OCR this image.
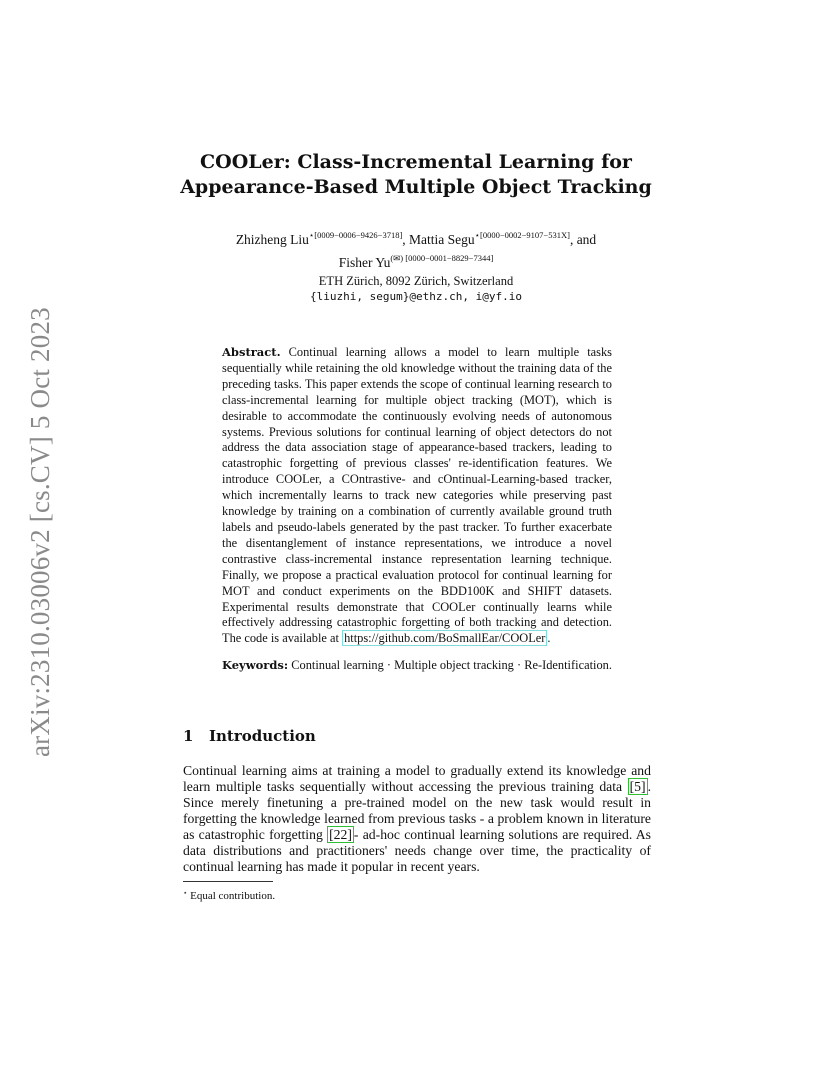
arXiv:2310.03006v2 [cs.CV] 5 Oct 2023
COOLer: Class-Incremental Learning for
Appearance-Based Multiple Object Tracking
Zhizheng Liu$^{⋆[0009-0006-9426-3718]}$, Mattia Segu$^{⋆[0000-0002-9107-531X]}$, and
Fisher $Yu^{(✉) [0000-0001-8829-7344]}$
ETH Zürich, 8092 Zürich, Switzerland
{liuzhi, segum}@ethz.ch, i@yf.io
Abstract. Continual learning allows a model to learn multiple tasks sequentially while retaining the old knowledge without the training data of the preceding tasks. This paper extends the scope of continual learning research to class-incremental learning for multiple object tracking (MOT), which is desirable to accommodate the continuously evolving needs of autonomous systems. Previous solutions for continual learning of object detectors do not address the data association stage of appearance-based trackers, leading to catastrophic forgetting of previous classes' re-identification features. We introduce COOLer, a COntrastive- and cOntinual-Learning-based tracker, which incrementally learns to track new categories while preserving past knowledge by training on a combination of currently available ground truth labels and pseudo-labels generated by the past tracker. To further exacerbate the disentanglement of instance representations, we introduce a novel contrastive class-incremental instance representation learning technique. Finally, we propose a practical evaluation protocol for continual learning for MOT and conduct experiments on the BDD100K and SHIFT datasets. Experimental results demonstrate that COOLer continually learns while effectively addressing catastrophic forgetting of both tracking and detection. The code is available at https://github.com/BoSmallEar/COOLer .
Keywords: Continual learning · Multiple object tracking · Re-Identification.
1 Introduction
Continual learning aims at training a model to gradually extend its knowledge and learn multiple tasks sequentially without accessing the previous training data [5] . Since merely finetuning a pre-trained model on the new task would result in forgetting the knowledge learned from previous tasks - a problem known in literature as catastrophic forgetting [22] - ad-hoc continual learning solutions are required. As data distributions and practitioners' needs change over time, the practicality of continual learning has made it popular in recent years.
⋆ Equal contribution.
